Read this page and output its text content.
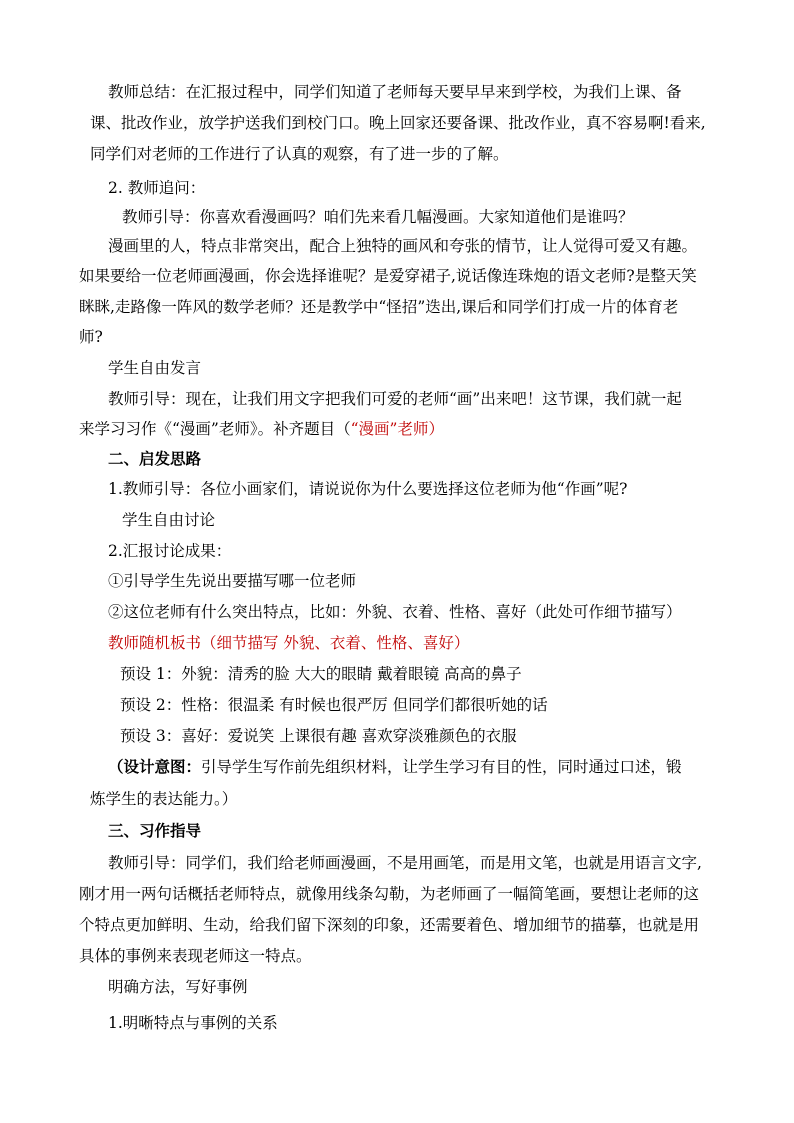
教师总结：在汇报过程中，同学们知道了老师每天要早早来到学校，为我们上课、备
课、批改作业，放学护送我们到校门口。晚上回家还要备课、批改作业，真不容易啊!看来,
同学们对老师的工作进行了认真的观察，有了进一步的了解。
2. 教师追问：
教师引导：你喜欢看漫画吗？咱们先来看几幅漫画。大家知道他们是谁吗？
漫画里的人，特点非常突出，配合上独特的画风和夸张的情节，让人觉得可爱又有趣。
如果要给一位老师画漫画，你会选择谁呢？是爱穿裙子,说话像连珠炮的语文老师?是整天笑
眯眯,走路像一阵风的数学老师？还是教学中“怪招”迭出,课后和同学们打成一片的体育老
师?
学生自由发言
教师引导：现在，让我们用文字把我们可爱的老师“画”出来吧！这节课，我们就一起
来学习习作《“漫画”老师》。补齐题目（“漫画”老师）
二、启发思路
1.教师引导：各位小画家们，请说说你为什么要选择这位老师为他“作画”呢?
学生自由讨论
2.汇报讨论成果：
①引导学生先说出要描写哪一位老师
②这位老师有什么突出特点，比如：外貌、衣着、性格、喜好（此处可作细节描写）
教师随机板书（细节描写 外貌、衣着、性格、喜好）
预设 1：外貌：清秀的脸 大大的眼睛 戴着眼镜 高高的鼻子
预设 2：性格：很温柔 有时候也很严厉 但同学们都很听她的话
预设 3：喜好：爱说笑 上课很有趣 喜欢穿淡雅颜色的衣服
（设计意图：引导学生写作前先组织材料，让学生学习有目的性，同时通过口述，锻
炼学生的表达能力。）
三、习作指导
教师引导：同学们，我们给老师画漫画，不是用画笔，而是用文笔，也就是用语言文字,
刚才用一两句话概括老师特点，就像用线条勾勒，为老师画了一幅简笔画，要想让老师的这
个特点更加鲜明、生动，给我们留下深刻的印象，还需要着色、增加细节的描摹，也就是用
具体的事例来表现老师这一特点。
明确方法，写好事例
1.明晰特点与事例的关系
